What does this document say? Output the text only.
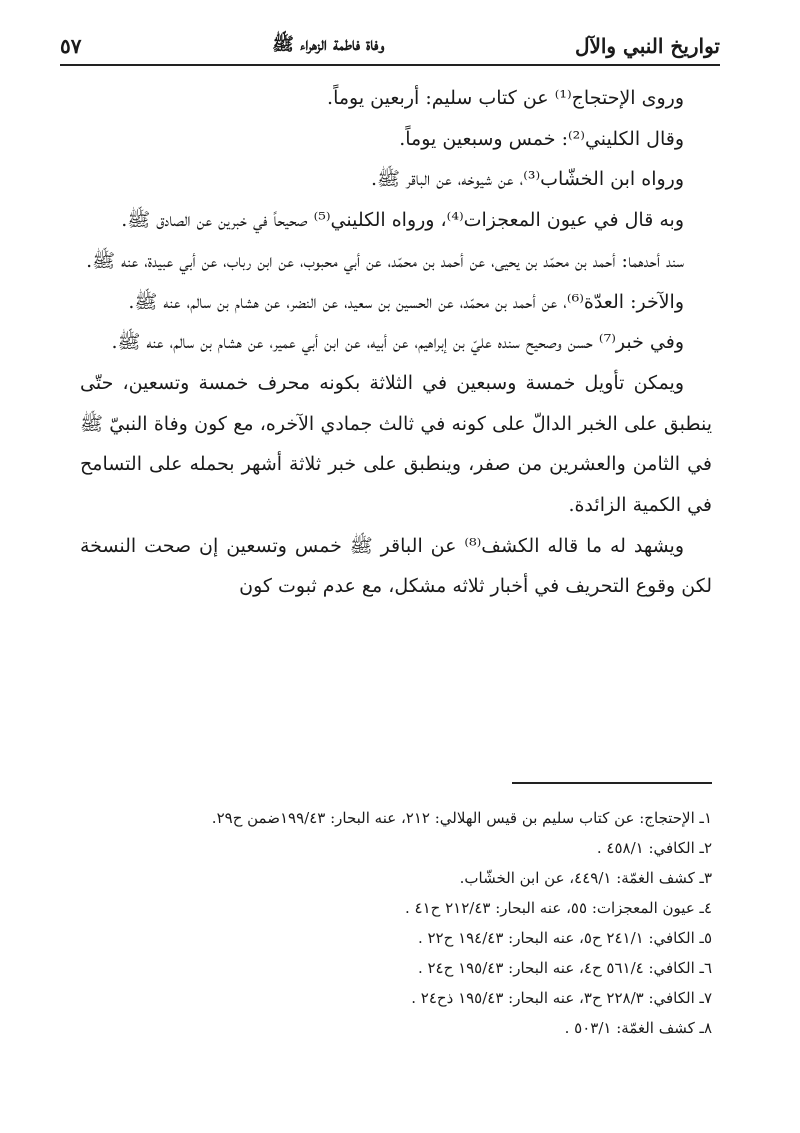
تواريخ النبي والآل
وفاة فاطمة الزهراء ﷺ
٥٧

وروى الإحتجاج⁽¹⁾ عن كتاب سليم: أربعين يوماً.

وقال الكليني⁽²⁾: خمس وسبعين يوماً.

ورواه ابن الخشّاب⁽³⁾، عن شيوخه، عن الباقر ﷺ.

وبه قال في عيون المعجزات⁽⁴⁾، ورواه الكليني⁽⁵⁾ صحيحاً في خبرين عن الصادق ﷺ.

سند أحدهما: أحمد بن محمّد بن يحيى، عن أحمد بن محمّد، عن أبي محبوب، عن ابن رباب، عن أبي عبيدة، عنه ﷺ.

والآخر: العدّة⁽⁶⁾، عن أحمد بن محمّد، عن الحسين بن سعيد، عن النضر، عن هشام بن سالم، عنه ﷺ.

وفي خبر⁽⁷⁾ حسن وصحيح سنده عليّ بن إبراهيم، عن أبيه، عن ابن أبي عمير، عن هشام بن سالم، عنه ﷺ.

ويمكن تأويل خمسة وسبعين في الثلاثة بكونه محرف خمسة وتسعين، حتّى ينطبق على الخبر الدالّ على كونه في ثالث جمادي الآخره، مع كون وفاة النبيّ ﷺ في الثامن والعشرين من صفر، وينطبق على خبر ثلاثة أشهر بحمله على التسامح في الكمية الزائدة.

ويشهد له ما قاله الكشف⁽⁸⁾ عن الباقر ﷺ خمس وتسعين إن صحت النسخة لكن وقوع التحريف في أخبار ثلاثه مشكل، مع عدم ثبوت كون

١ـ الإحتجاج: عن كتاب سليم بن قيس الهلالي: ٢١٢، عنه البحار: ١٩٩/٤٣ضمن ح٢٩.
٢ـ الكافي: ٤٥٨/١ .
٣ـ كشف الغمّة: ٤٤٩/١، عن ابن الخشّاب.
٤ـ عيون المعجزات: ٥٥، عنه البحار: ٢١٢/٤٣ ح٤١ .
٥ـ الكافي: ٢٤١/١ ح٥، عنه البحار: ١٩٤/٤٣ ح٢٢ .
٦ـ الكافي: ٥٦١/٤ ح٤، عنه البحار: ١٩٥/٤٣ ح٢٤ .
٧ـ الكافي: ٢٢٨/٣ ح٣، عنه البحار: ١٩٥/٤٣ ذح٢٤ .
٨ـ كشف الغمّة: ٥٠٣/١ .
